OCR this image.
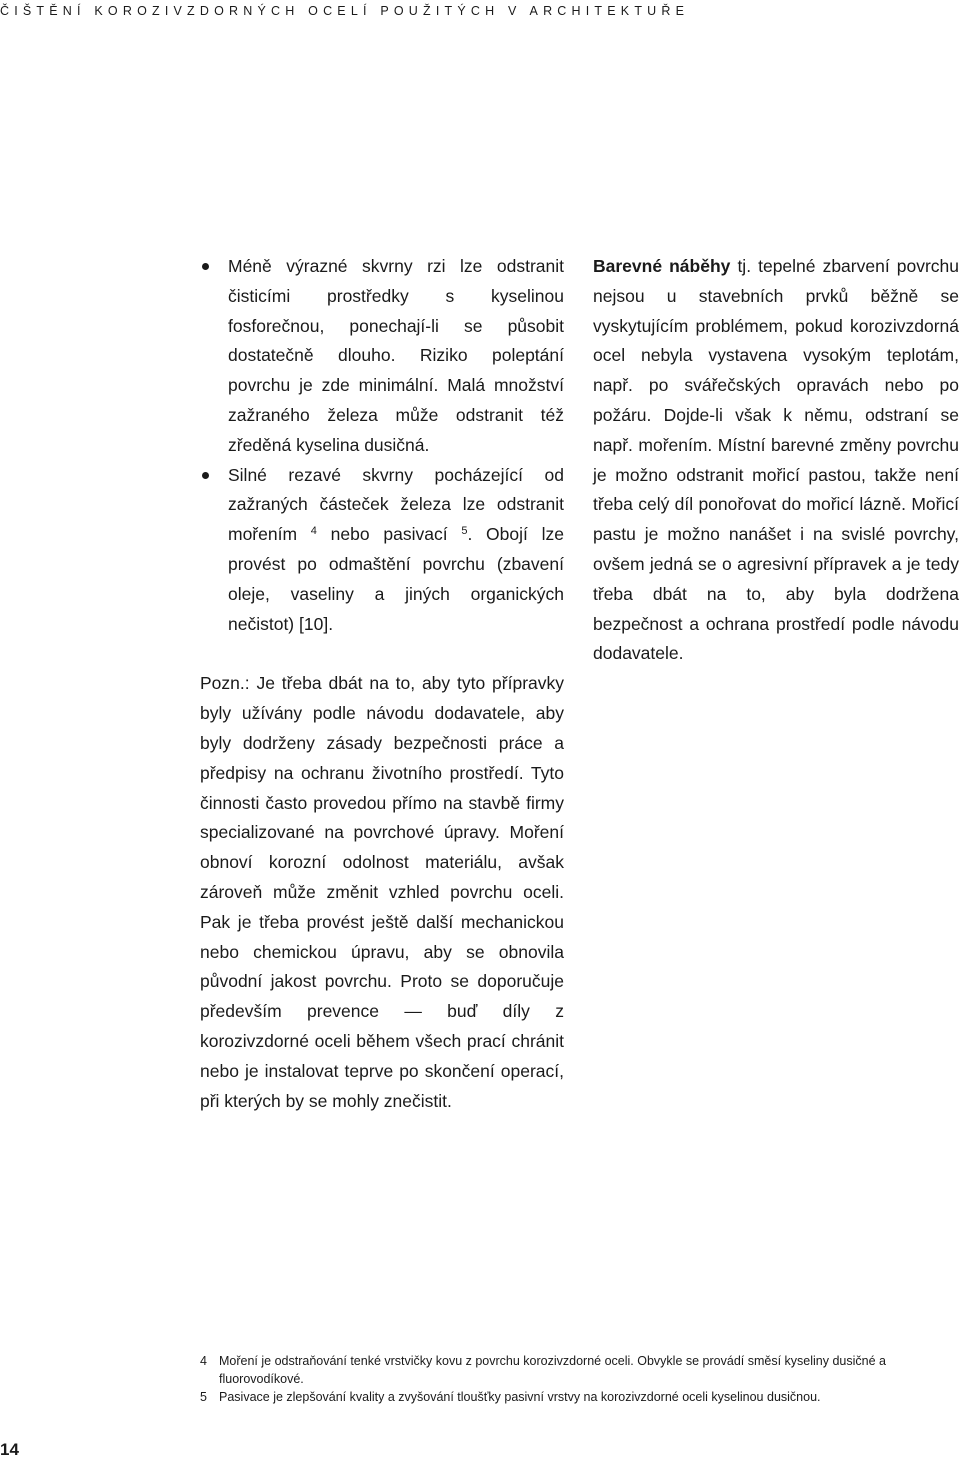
ČIŠTĚNÍ KOROZIVZDORNÝCH OCELÍ POUŽITÝCH V ARCHITEKTUŘE
Méně výrazné skvrny rzi lze odstranit čisticími prostředky s kyselinou fosforečnou, ponechají-li se působit dostatečně dlouho. Riziko poleptání povrchu je zde minimální. Malá množství zažraného železa může odstranit též zředěná kyselina dusičná.
Silné rezavé skvrny pocházející od zažraných částeček železa lze odstranit mořením $^4$ nebo pasivací $^5$. Obojí lze provést po odmaštění povrchu (zbavení oleje, vaseliny a jiných organických nečistot) [10].

Pozn.: Je třeba dbát na to, aby tyto přípravky byly užívány podle návodu dodavatele, aby byly dodrženy zásady bezpečnosti práce a předpisy na ochranu životního prostředí. Tyto činnosti často provedou přímo na stavbě firmy specializované na povrchové úpravy. Moření obnoví korozní odolnost materiálu, avšak zároveň může změnit vzhled povrchu oceli. Pak je třeba provést ještě další mechanickou nebo chemickou úpravu, aby se obnovila původní jakost povrchu. Proto se doporučuje především prevence — buď díly z korozivzdorné oceli během všech prací chránit nebo je instalovat teprve po skončení operací, při kterých by se mohly znečistit.

Barevné náběhy tj. tepelné zbarvení povrchu nejsou u stavebních prvků běžně se vyskytujícím problémem, pokud korozivzdorná ocel nebyla vystavena vysokým teplotám, např. po svářečských opravách nebo po požáru. Dojde-li však k němu, odstraní se např. mořením. Místní barevné změny povrchu je možno odstranit mořicí pastou, takže není třeba celý díl ponořovat do mořicí lázně. Mořicí pastu je možno nanášet i na svislé povrchy, ovšem jedná se o agresivní přípravek a je tedy třeba dbát na to, aby byla dodržena bezpečnost a ochrana prostředí podle návodu dodavatele.

4 Moření je odstraňování tenké vrstvičky kovu z povrchu korozivzdorné oceli. Obvykle se provádí směsí kyseliny dusičné a fluorovodíkové.
5 Pasivace je zlepšování kvality a zvyšování tloušťky pasivní vrstvy na korozivzdorné oceli kyselinou dusičnou.
14
